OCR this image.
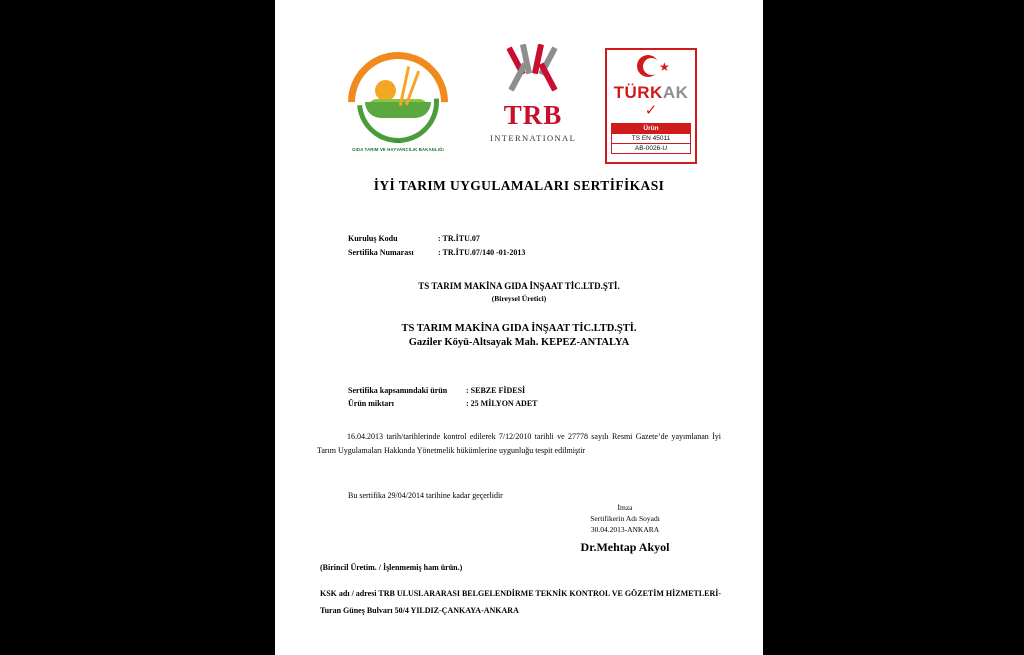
T.C.
GIDA TARIM VE HAYVANCILIK BAKANLIĞI
TRB
INTERNATIONAL
★
TÜRKAK
✓
Ürün
TS EN 45011
AB-0026-U
İYİ TARIM UYGULAMALARI SERTİFİKASI
Kuruluş Kodu	: TR.İTU.07
Sertifika Numarası	: TR.İTU.07/140 -01-2013
TS TARIM MAKİNA GIDA İNŞAAT TİC.LTD.ŞTİ.
(Bireysel Üretici)
TS TARIM MAKİNA GIDA İNŞAAT TİC.LTD.ŞTİ.
Gaziler Köyü-Altsayak Mah. KEPEZ-ANTALYA
Sertifika kapsamındaki ürün : SEBZE FİDESİ
Ürün miktarı	: 25 MİLYON ADET
16.04.2013 tarih/tarihlerinde kontrol edilerek 7/12/2010 tarihli ve 27778 sayılı Resmi Gazete’de yayımlanan İyi Tarım Uygulamaları Hakkında Yönetmelik hükümlerine uygunluğu tespit edilmiştir
Bu sertifika 29/04/2014 tarihine kadar geçerlidir
İmza
Sertifikerin Adı Soyadı
30.04.2013-ANKARA
Dr.Mehtap Akyol
(Birincil Üretim. / İşlenmemiş ham ürün.)
KSK adı / adresi TRB ULUSLARARASI BELGELENDİRME TEKNİK KONTROL VE GÖZETİM HİZMETLERİ-Turan Güneş Bulvarı 50/4 YILDIZ-ÇANKAYA-ANKARA
